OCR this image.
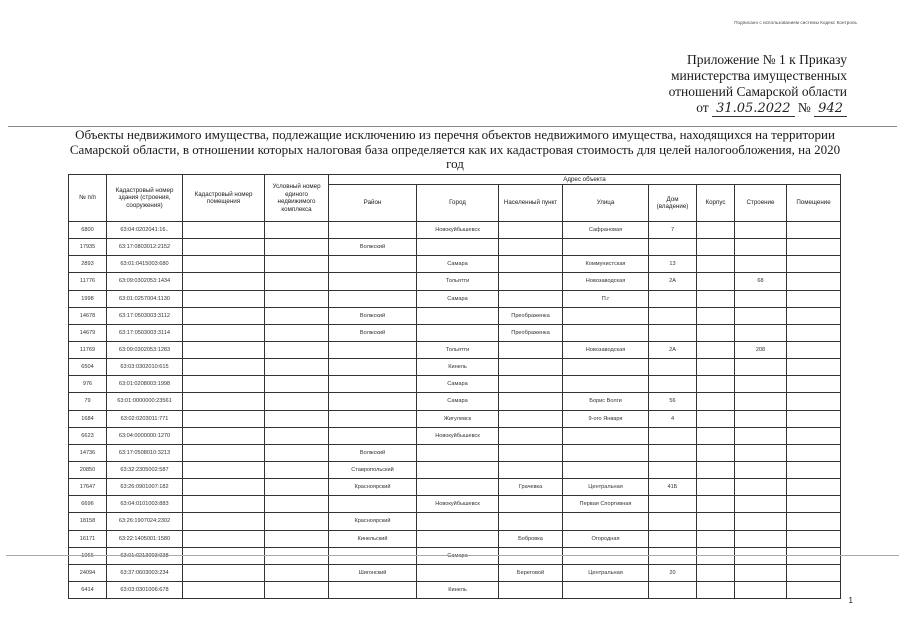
Подписано с использованием системы Кодекс Контроль
Приложение № 1 к Приказу
министерства имущественных
отношений Самарской области
от 31.05.2022 № 942
Объекты недвижимого имущества, подлежащие исключению из перечня объектов недвижимого имущества, находящихся на территории Самарской области, в отношении которых налоговая база определяется как их кадастровая стоимость для целей налогообложения, на 2020 год
№ п/п	Кадастровый номер здания (строения, сооружения)	Кадастровый номер помещения	Условный номер единого недвижимого комплекса	Адрес объекта							
				Район	Город	Населенный пункт	Улица	Дом (владение)	Корпус	Строение	Помещение
6800	63:04:0202041:16..				Новокуйбышевск		Сафрановая	7			
17935	63:17:0803012:2152			Волжский							
2893	63:01:0415003:680				Самара		Коммунистская	13			
11776	63:09:0302053:1434				Тольятти		Новозаводская	2А		68	
1998	63:01:0257004:1130				Самара		П.г				
14678	63:17:0503003:3112			Волжский		Преображенка					
14679	63:17:0503003:3114			Волжский		Преображенка					
11769	63:09:0302053:1283				Тольятти		Новозаводская	2А		208	
6504	63:03:0302010:615				Кинель						
976	63:01:0208003:1998				Самара						
79	63:01:0000000:23561				Самара		Бoрис Волги	56			
1684	63:02:0203011:771				Жигулевск		9-ого Января	4			
6623	63:04:0000000:1270				Новокуйбышевск						
14736	63:17:0508010:3213			Волжский							
20850	63:32:2305002:587			Ставропольский							
17647	63:26:0901007:182			Красноярский		Грачевка	Центральная	41Б			
6696	63:04:0101003:883				Новокуйбышевск		Первая Спортивная				
18158	63:26:1907024:2302			Красноярский							
16171	63:22:1405001:1580			Кинельский		Бобровка	Огородная				
1066	63:01:0213003:938				Самара						
24094	63:37:0603003:234			Шигонский		Береговой	Центральная	20			
6414	63:03:0301006:678				Кинель						
1
